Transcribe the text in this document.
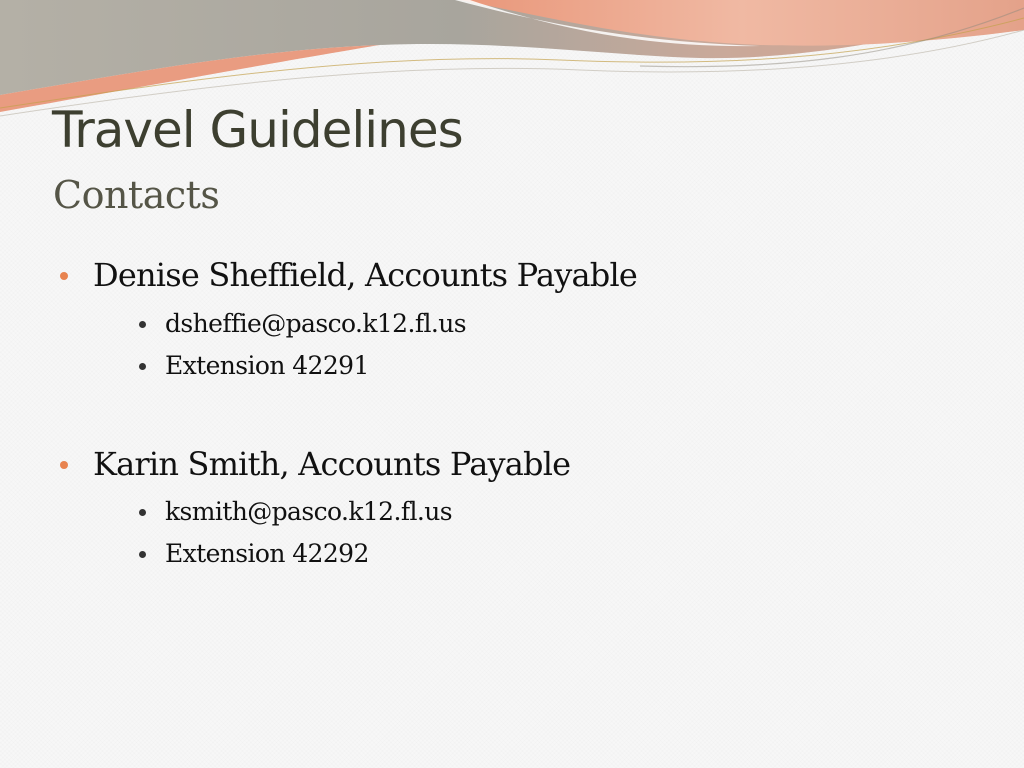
Travel Guidelines
Contacts
Denise Sheffield, Accounts Payable
dsheffie@pasco.k12.fl.us
Extension 42291
Karin Smith, Accounts Payable
ksmith@pasco.k12.fl.us
Extension 42292
